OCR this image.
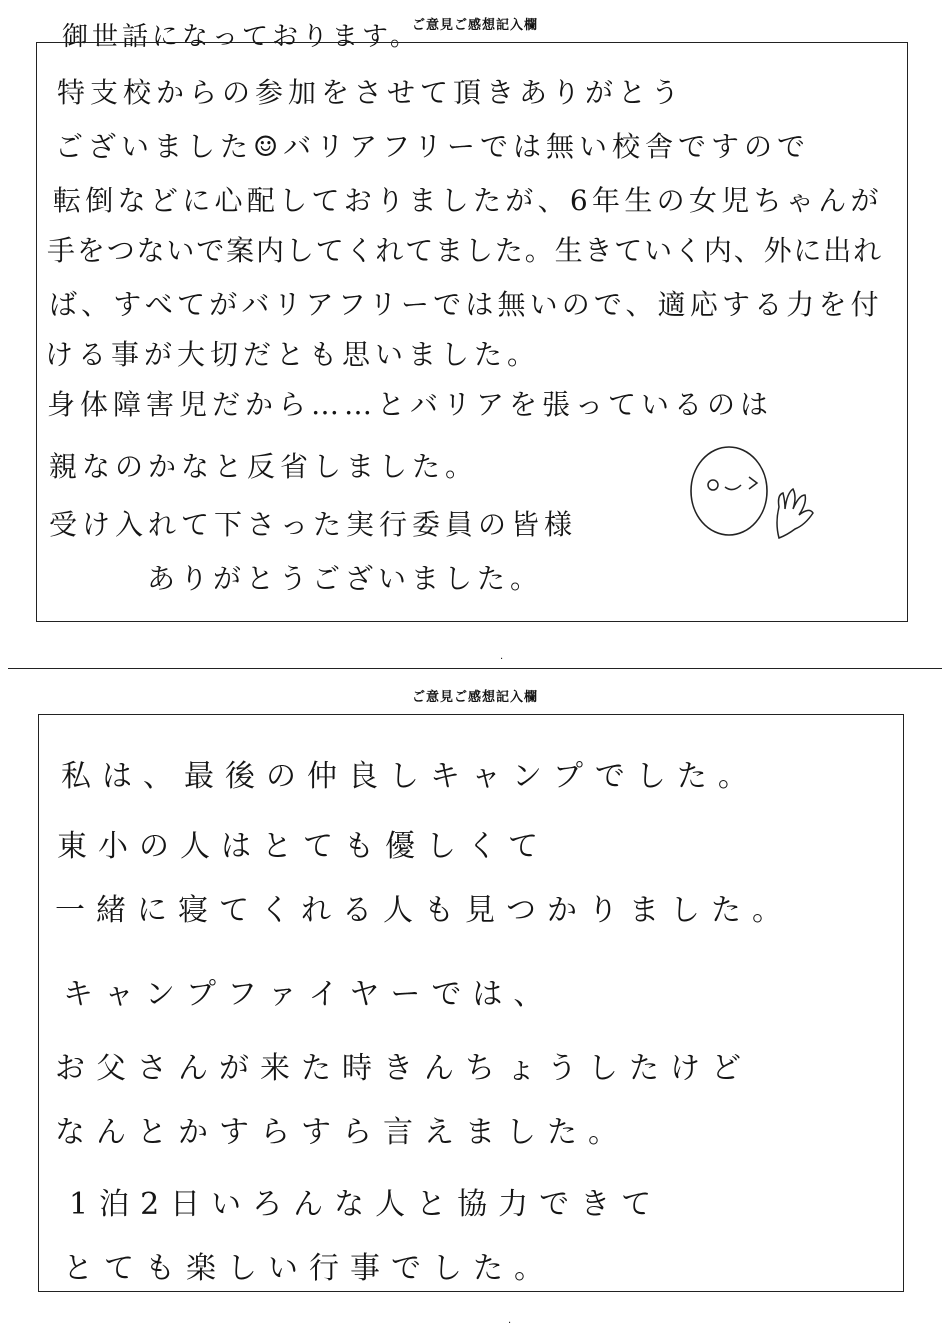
ご意見ご感想記入欄
御世話になっております。
特支校からの参加をさせて頂きありがとう
ございました☺バリアフリーでは無い校舎ですので
転倒などに心配しておりましたが、6年生の女児ちゃんが
手をつないで案内してくれてました。生きていく内、外に出れ
ば、すべてがバリアフリーでは無いので、適応する力を付
ける事が大切だとも思いました。
身体障害児だから……とバリアを張っているのは
親なのかなと反省しました。
受け入れて下さった実行委員の皆様
ありがとうございました。
·
ご意見ご感想記入欄
私は、最後の仲良しキャンプでした。
東小の人はとても優しくて
一緒に寝てくれる人も見つかりました。
キャンプファイヤーでは、
お父さんが来た時きんちょうしたけど
なんとかすらすら言えました。
1泊2日いろんな人と協力できて
とても楽しい行事でした。
·
